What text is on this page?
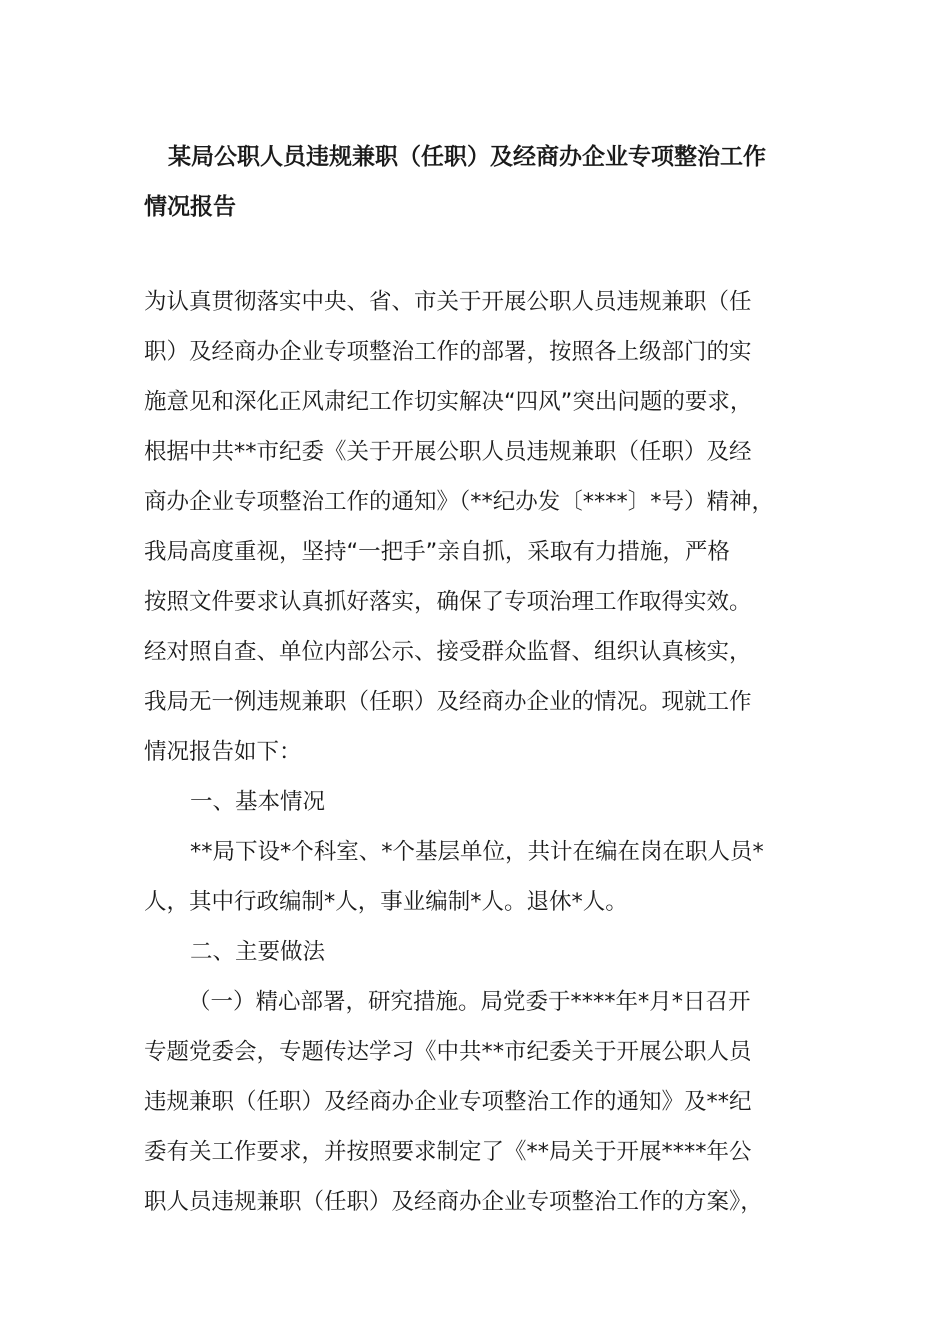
某局公职人员违规兼职（任职）及经商办企业专项整治工作
情况报告

为认真贯彻落实中央、省、市关于开展公职人员违规兼职（任

职）及经商办企业专项整治工作的部署，按照各上级部门的实

施意见和深化正风肃纪工作切实解决“四风”突出问题的要求，

根据中共**市纪委《关于开展公职人员违规兼职（任职）及经

商办企业专项整治工作的通知》（**纪办发〔****〕*号）精神，

我局高度重视，坚持“一把手”亲自抓，采取有力措施，严格

按照文件要求认真抓好落实，确保了专项治理工作取得实效。

经对照自查、单位内部公示、接受群众监督、组织认真核实，

我局无一例违规兼职（任职）及经商办企业的情况。现就工作

情况报告如下：

一、基本情况

**局下设*个科室、*个基层单位，共计在编在岗在职人员*

人，其中行政编制*人，事业编制*人。退休*人。

二、主要做法

（一）精心部署，研究措施。局党委于****年*月*日召开

专题党委会，专题传达学习《中共**市纪委关于开展公职人员

违规兼职（任职）及经商办企业专项整治工作的通知》及**纪

委有关工作要求，并按照要求制定了《**局关于开展****年公

职人员违规兼职（任职）及经商办企业专项整治工作的方案》，
